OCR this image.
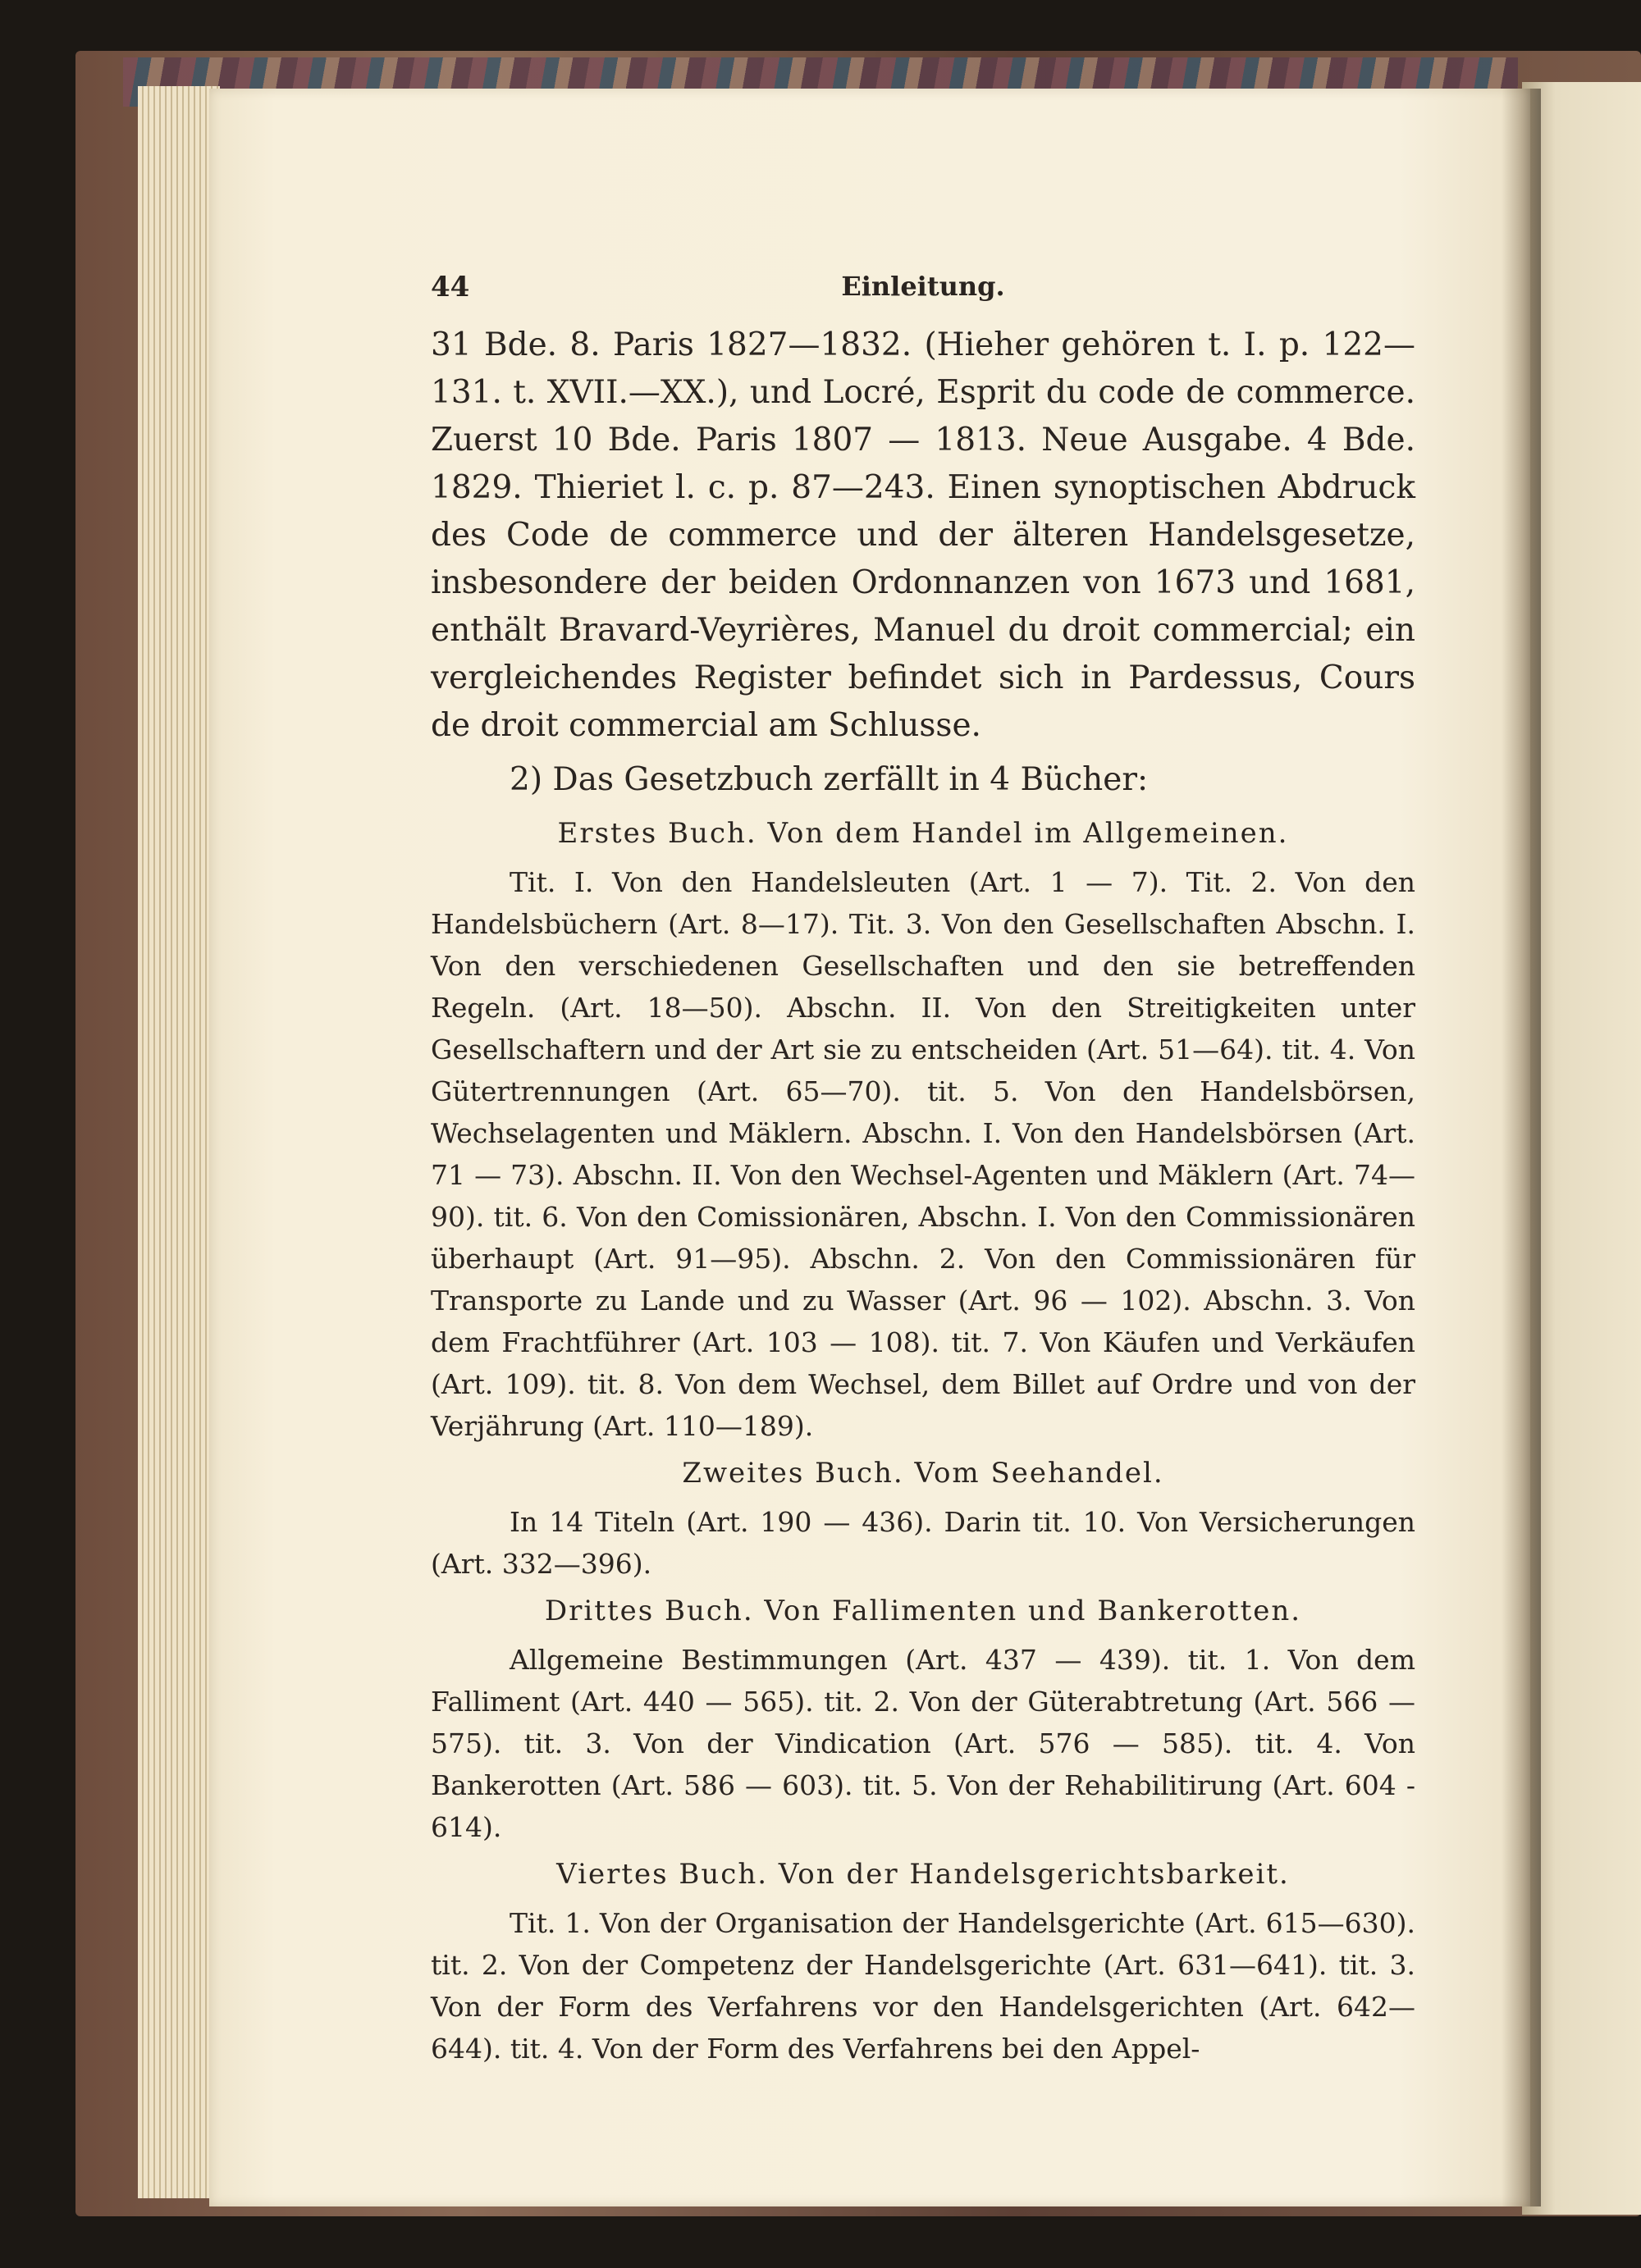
44	Einleitung.

31 Bde. 8. Paris 1827—1832. (Hieher gehören t. I. p. 122—131. t. XVII.—XX.), und Locré, Esprit du code de commerce. Zuerst 10 Bde. Paris 1807 — 1813. Neue Ausgabe. 4 Bde. 1829. Thieriet l. c. p. 87—243. Einen synoptischen Abdruck des Code de commerce und der älteren Handelsgesetze, insbesondere der beiden Ordonnanzen von 1673 und 1681, enthält Bravard-Veyrières, Manuel du droit commercial; ein vergleichendes Register befindet sich in Pardessus, Cours de droit commercial am Schlusse.

2) Das Gesetzbuch zerfällt in 4 Bücher:

Erstes Buch. Von dem Handel im Allgemeinen.

Tit. I. Von den Handelsleuten (Art. 1 — 7). Tit. 2. Von den Handelsbüchern (Art. 8—17). Tit. 3. Von den Gesellschaften Abschn. I. Von den verschiedenen Gesellschaften und den sie betreffenden Regeln. (Art. 18—50). Abschn. II. Von den Streitigkeiten unter Gesellschaftern und der Art sie zu entscheiden (Art. 51—64). tit. 4. Von Gütertrennungen (Art. 65—70). tit. 5. Von den Handelsbörsen, Wechselagenten und Mäklern. Abschn. I. Von den Handelsbörsen (Art. 71 — 73). Abschn. II. Von den Wechsel-Agenten und Mäklern (Art. 74—90). tit. 6. Von den Comissionären, Abschn. I. Von den Commissionären überhaupt (Art. 91—95). Abschn. 2. Von den Commissionären für Transporte zu Lande und zu Wasser (Art. 96 — 102). Abschn. 3. Von dem Frachtführer (Art. 103 — 108). tit. 7. Von Käufen und Verkäufen (Art. 109). tit. 8. Von dem Wechsel, dem Billet auf Ordre und von der Verjährung (Art. 110—189).

Zweites Buch. Vom Seehandel.

In 14 Titeln (Art. 190 — 436). Darin tit. 10. Von Versicherungen (Art. 332—396).

Drittes Buch. Von Fallimenten und Bankerotten.

Allgemeine Bestimmungen (Art. 437 — 439). tit. 1. Von dem Falliment (Art. 440 — 565). tit. 2. Von der Güterabtretung (Art. 566 — 575). tit. 3. Von der Vindication (Art. 576 — 585). tit. 4. Von Bankerotten (Art. 586 — 603). tit. 5. Von der Rehabilitirung (Art. 604 - 614).

Viertes Buch. Von der Handelsgerichtsbarkeit.

Tit. 1. Von der Organisation der Handelsgerichte (Art. 615—630). tit. 2. Von der Competenz der Handelsgerichte (Art. 631—641). tit. 3. Von der Form des Verfahrens vor den Handelsgerichten (Art. 642—644). tit. 4. Von der Form des Verfahrens bei den Appel-
